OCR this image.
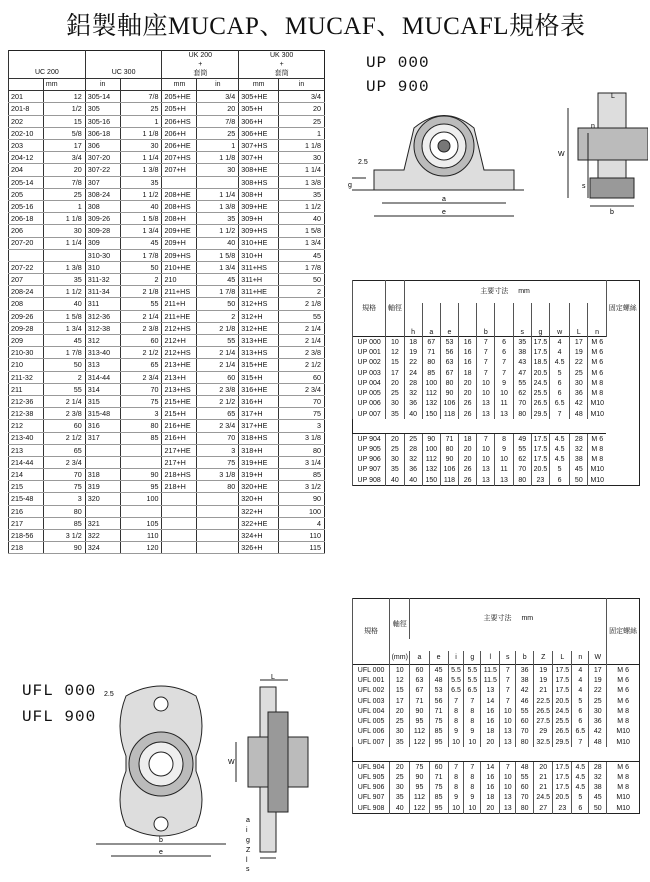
鋁製軸座MUCAP、MUCAF、MUCAFL規格表
UC 200		UC 300		UK 200
+
套筒		UK 300
+
套筒	

	mm	in		mm	in	mm	in
201	12	305-14	7/8	205+HE	3/4	305+HE	3/4
201-8	1/2	305	25	205+H	20	305+H	20
202	15	305-16	1	206+HS	7/8	306+H	25
202-10	5/8	306-18	1 1/8	206+H	25	306+HE	1
203	17	306	30	206+HE	1	307+HS	1 1/8
204-12	3/4	307-20	1 1/4	207+HS	1 1/8	307+H	30
204	20	307-22	1 3/8	207+H	30	308+HE	1 1/4
205-14	7/8	307	35			308+HS	1 3/8
205	25	308-24	1 1/2	208+HE	1 1/4	308+H	35
205-16	1	308	40	208+HS	1 3/8	309+HE	1 1/2
206-18	1 1/8	309-26	1 5/8	208+H	35	309+H	40
206	30	309-28	1 3/4	209+HE	1 1/2	309+HS	1 5/8
207-20	1 1/4	309	45	209+H	40	310+HE	1 3/4
		310-30	1 7/8	209+HS	1 5/8	310+H	45
207-22	1 3/8	310	50	210+HE	1 3/4	311+HS	1 7/8
207	35	311-32	2	210	45	311+H	50
208-24	1 1/2	311-34	2 1/8	211+HS	1 7/8	311+HE	2
208	40	311	55	211+H	50	312+HS	2 1/8
209-26	1 5/8	312-36	2 1/4	211+HE	2	312+H	55
209-28	1 3/4	312-38	2 3/8	212+HS	2 1/8	312+HE	2 1/4
209	45	312	60	212+H	55	313+HE	2 1/4
210-30	1 7/8	313-40	2 1/2	212+HS	2 1/4	313+HS	2 3/8
210	50	313	65	213+HE	2 1/4	315+HE	2 1/2
211-32	2	314-44	2 3/4	213+H	60	315+H	60
211	55	314	70	213+HS	2 3/8	316+HE	2 3/4
212-36	2 1/4	315	75	215+HE	2 1/2	316+H	70
212-38	2 3/8	315-48	3	215+H	65	317+H	75
212	60	316	80	216+HE	2 3/4	317+HE	3
213-40	2 1/2	317	85	216+H	70	318+HS	3 1/8
213	65			217+HE	3	318+H	80
214-44	2 3/4			217+H	75	319+HE	3 1/4
214	70	318	90	218+HS	3 1/8	319+H	85
215	75	319	95	218+H	80	320+HE	3 1/2
215-48	3	320	100			320+H	90
216	80					322+H	100
217	85	321	105			322+HE	4
218-56	3 1/2	322	110			324+H	110
218	90	324	120			326+H	115
UP 000
UP 900
2.5
g
a
e
W
L
n
s
b
規格	軸徑	主要寸法 mm											固定螺絲
		h	a	e		b		s	g	w	L	n	
UP 000	10	18	67	53	16	7	6	35	17.5	4	17	M 6	
UP 001	12	19	71	56	16	7	6	38	17.5	4	19	M 6	
UP 002	15	22	80	63	16	7	7	43	18.5	4.5	22	M 6	
UP 003	17	24	85	67	18	7	7	47	20.5	5	25	M 6	
UP 004	20	28	100	80	20	10	9	55	24.5	6	30	M 8	
UP 005	25	32	112	90	20	10	10	62	25.5	6	36	M 8	
UP 006	30	36	132	106	26	13	11	70	26.5	6.5	42	M10	
UP 007	35	40	150	118	26	13	13	80	29.5	7	48	M10	

UP 904	20	25	90	71	18	7	8	49	17.5	4.5	28	M 6	
UP 905	25	28	100	80	20	10	9	55	17.5	4.5	32	M 8	
UP 906	30	32	112	90	20	10	10	62	17.5	4.5	38	M 8	
UP 907	35	36	132	106	26	13	11	70	20.5	5	45	M10	
UP 908	40	40	150	118	26	13	13	80	23	6	50	M10	
UFL 000
UFL 900
2.5
b
e
L
W
a
i
g
Z
l
s
規格	軸徑	主要寸法 mm											固定螺絲

	(mm)	a	e	i	g	l	s	b	Z	L	n	W	
UFL 000	10	60	45	5.5	5.5	11.5	7	36	19	17.5	4	17	M 6
UFL 001	12	63	48	5.5	5.5	11.5	7	38	19	17.5	4	19	M 6
UFL 002	15	67	53	6.5	6.5	13	7	42	21	17.5	4	22	M 6
UFL 003	17	71	56	7	7	14	7	46	22.5	20.5	5	25	M 6
UFL 004	20	90	71	8	8	16	10	55	26.5	24.5	6	30	M 8
UFL 005	25	95	75	8	8	16	10	60	27.5	25.5	6	36	M 8
UFL 006	30	112	85	9	9	18	13	70	29	26.5	6.5	42	M10
UFL 007	35	122	95	10	10	20	13	80	32.5	29.5	7	48	M10

UFL 904	20	75	60	7	7	14	7	48	20	17.5	4.5	28	M 6
UFL 905	25	90	71	8	8	16	10	55	21	17.5	4.5	32	M 8
UFL 906	30	95	75	8	8	16	10	60	21	17.5	4.5	38	M 8
UFL 907	35	112	85	9	9	18	13	70	24.5	20.5	5	45	M10
UFL 908	40	122	95	10	10	20	13	80	27	23	6	50	M10
